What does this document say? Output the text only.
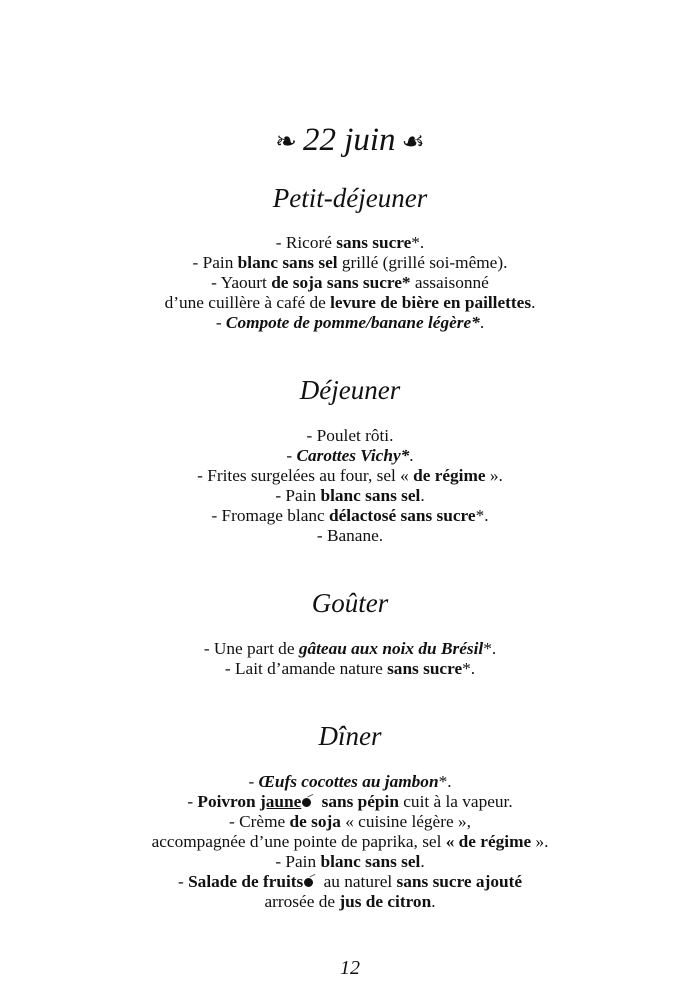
❧ 22 juin ☙
Petit-déjeuner
- Ricoré sans sucre*.
- Pain blanc sans sel grillé (grillé soi-même).
- Yaourt de soja sans sucre* assaisonné
d’une cuillère à café de levure de bière en paillettes.
- Compote de pomme/banane légère*.
Déjeuner
- Poulet rôti.
- Carottes Vichy*.
- Frites surgelées au four, sel « de régime ».
- Pain blanc sans sel.
- Fromage blanc délactosé sans sucre*.
- Banane.
Goûter
- Une part de gâteau aux noix du Brésil*.
- Lait d’amande nature sans sucre*.
Dîner
- Œufs cocottes au jambon*.
- Poivron jaune
sans pépin cuit à la vapeur.
- Crème de soja « cuisine légère »,
accompagnée d’une pointe de paprika, sel « de régime ».
- Pain blanc sans sel.
- Salade de fruits
au naturel sans sucre ajouté
arrosée de jus de citron.
12
